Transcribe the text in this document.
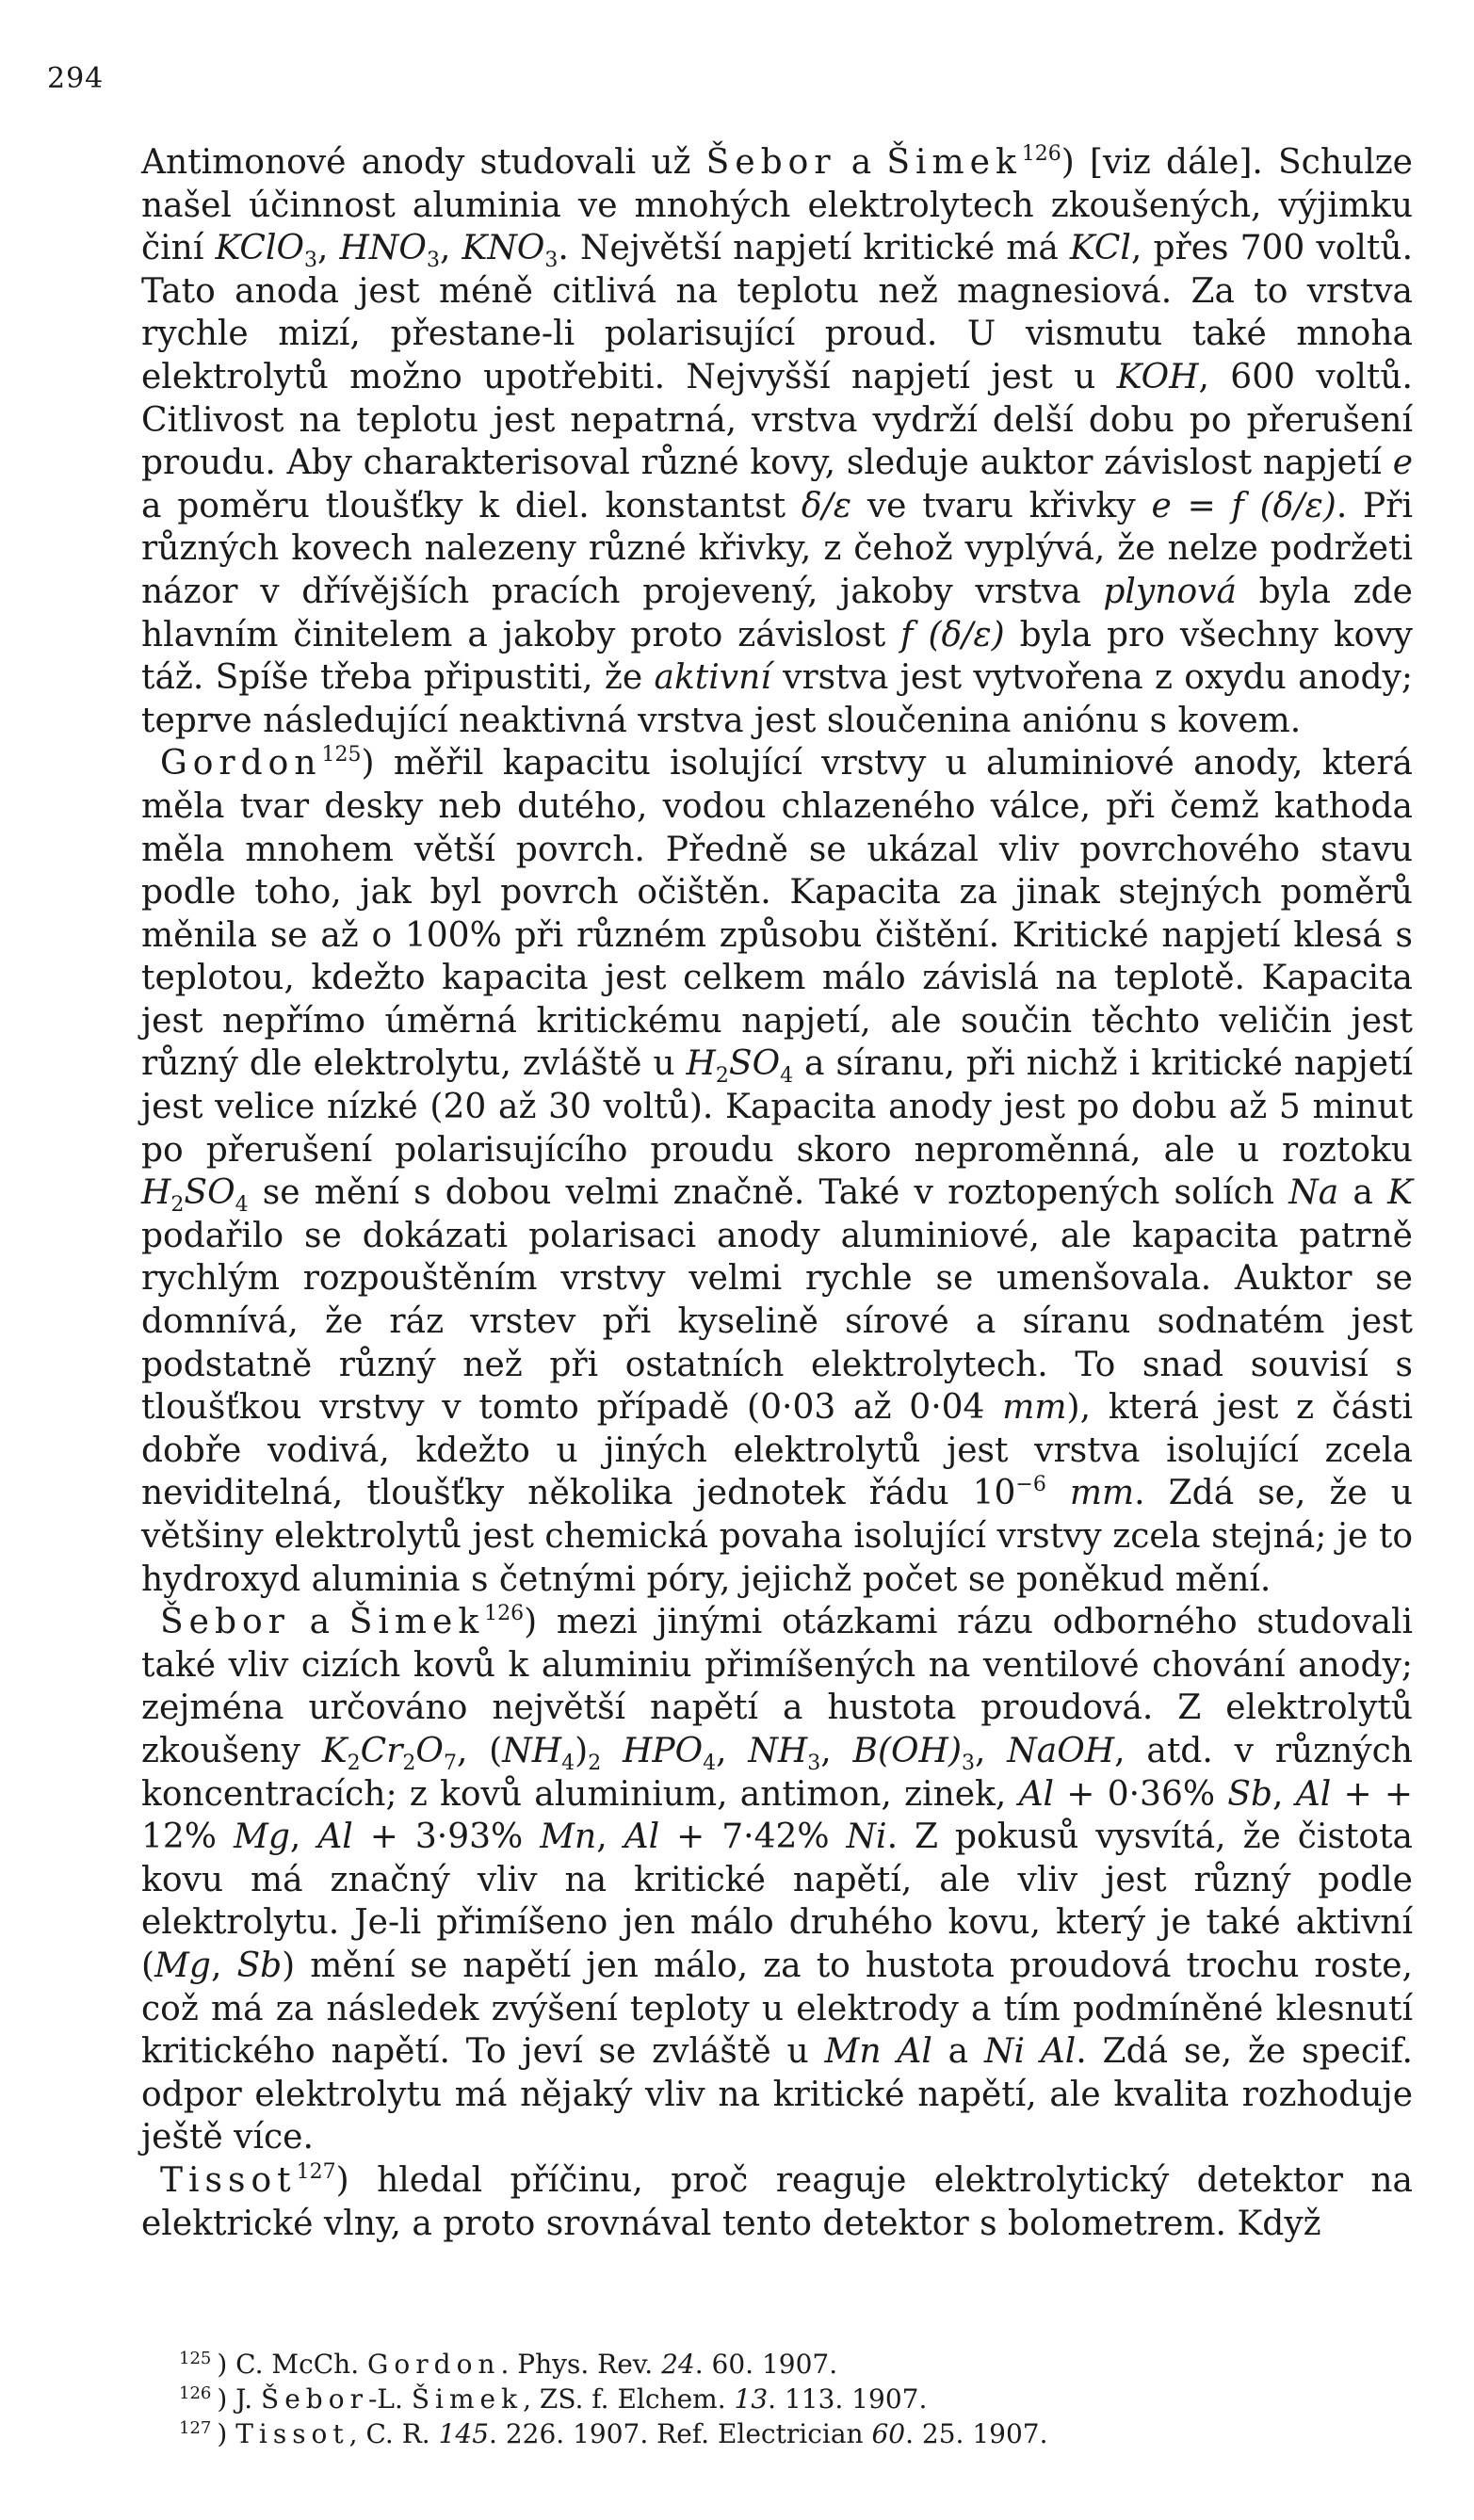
294

Antimonové anody studovali už Šebor a Šimek$^{126}$) [viz dále]. Schulze našel účinnost aluminia ve mnohých elektrolytech zkoušených, výjimku činí KClO$_3$, $HNO_3$, $KNO_3$. Největší napjetí kritické má KCl, přes 700 voltů. Tato anoda jest méně citlivá na teplotu než magnesiová. Za to vrstva rychle mizí, přestane-li polarisující proud. U vismutu také mnoha elektrolytů možno upotřebiti. Nejvyšší napjetí jest u KOH, 600 voltů. Citlivost na teplotu jest nepatrná, vrstva vydrží delší dobu po přerušení proudu. Aby charakterisoval různé kovy, sleduje auktor závislost napjetí e a poměru tloušťky k diel. konstantst δ/ε ve tvaru křivky e = f (δ/ε). Při různých kovech nalezeny různé křivky, z čehož vyplývá, že nelze podržeti názor v dřívějších pracích projevený, jakoby vrstva plynová byla zde hlavním činitelem a jakoby proto závislost f (δ/ε) byla pro všechny kovy táž. Spíše třeba připustiti, že aktivní vrstva jest vytvořena z oxydu anody; teprve následující neaktivná vrstva jest sloučenina aniónu s kovem.

Gordon$^{125}$) měřil kapacitu isolující vrstvy u aluminiové anody, která měla tvar desky neb dutého, vodou chlazeného válce, při čemž kathoda měla mnohem větší povrch. Předně se ukázal vliv povrchového stavu podle toho, jak byl povrch očištěn. Kapacita za jinak stejných poměrů měnila se až o 100% při různém způsobu čištění. Kritické napjetí klesá s teplotou, kdežto kapacita jest celkem málo závislá na teplotě. Kapacita jest nepřímo úměrná kritickému napjetí, ale součin těchto veličin jest různý dle elektrolytu, zvláště u $H_2SO_4$ a síranu, při nichž i kritické napjetí jest velice nízké (20 až 30 voltů). Kapacita anody jest po dobu až 5 minut po přerušení polarisujícího proudu skoro neproměnná, ale u roztoku $H_2SO_4$ se mění s dobou velmi značně. Také v roztopených solích Na a K podařilo se dokázati polarisaci anody aluminiové, ale kapacita patrně rychlým rozpouštěním vrstvy velmi rychle se umenšovala. Auktor se domnívá, že ráz vrstev při kyselině sírové a síranu sodnatém jest podstatně různý než při ostatních elektrolytech. To snad souvisí s tloušťkou vrstvy v tomto případě (0·03 až 0·04 mm), která jest z části dobře vodivá, kdežto u jiných elektrolytů jest vrstva isolující zcela neviditelná, tloušťky několika jednotek řádu $10^{-6}$ mm. Zdá se, že u většiny elektrolytů jest chemická povaha isolující vrstvy zcela stejná; je to hydroxyd aluminia s četnými póry, jejichž počet se poněkud mění.

Šebor a Šimek$^{126}$) mezi jinými otázkami rázu odborného studovali také vliv cizích kovů k aluminiu přimíšených na ventilové chování anody; zejména určováno největší napětí a hustota proudová. Z elektrolytů zkoušeny $K_2Cr_2O_7$, $(NH_4)_2$ $HPO_4$, $NH_3$, $B(OH)_3$, NaOH, atd. v různých koncentracích; z kovů aluminium, antimon, zinek, Al + 0·36% Sb, Al + + 12% Mg, Al + 3·93% Mn, Al + 7·42% Ni. Z pokusů vysvítá, že čistota kovu má značný vliv na kritické napětí, ale vliv jest různý podle elektrolytu. Je-li přimíšeno jen málo druhého kovu, který je také aktivní (Mg, Sb) mění se napětí jen málo, za to hustota proudová trochu roste, což má za následek zvýšení teploty u elektrody a tím podmíněné klesnutí kritického napětí. To jeví se zvláště u Mn Al a Ni Al. Zdá se, že specif. odpor elektrolytu má nějaký vliv na kritické napětí, ale kvalita rozhoduje ještě více.

Tissot$^{127}$) hledal příčinu, proč reaguje elektrolytický detektor na elektrické vlny, a proto srovnával tento detektor s bolometrem. Když

$^{125}$ ) C. McCh. Gordon. Phys. Rev. 24. 60. 1907.

$^{126}$ ) J. Šebor-L. Šimek, ZS. f. Elchem. 13. 113. 1907.

$^{127}$ ) Tissot, C. R. 145. 226. 1907. Ref. Electrician 60. 25. 1907.
